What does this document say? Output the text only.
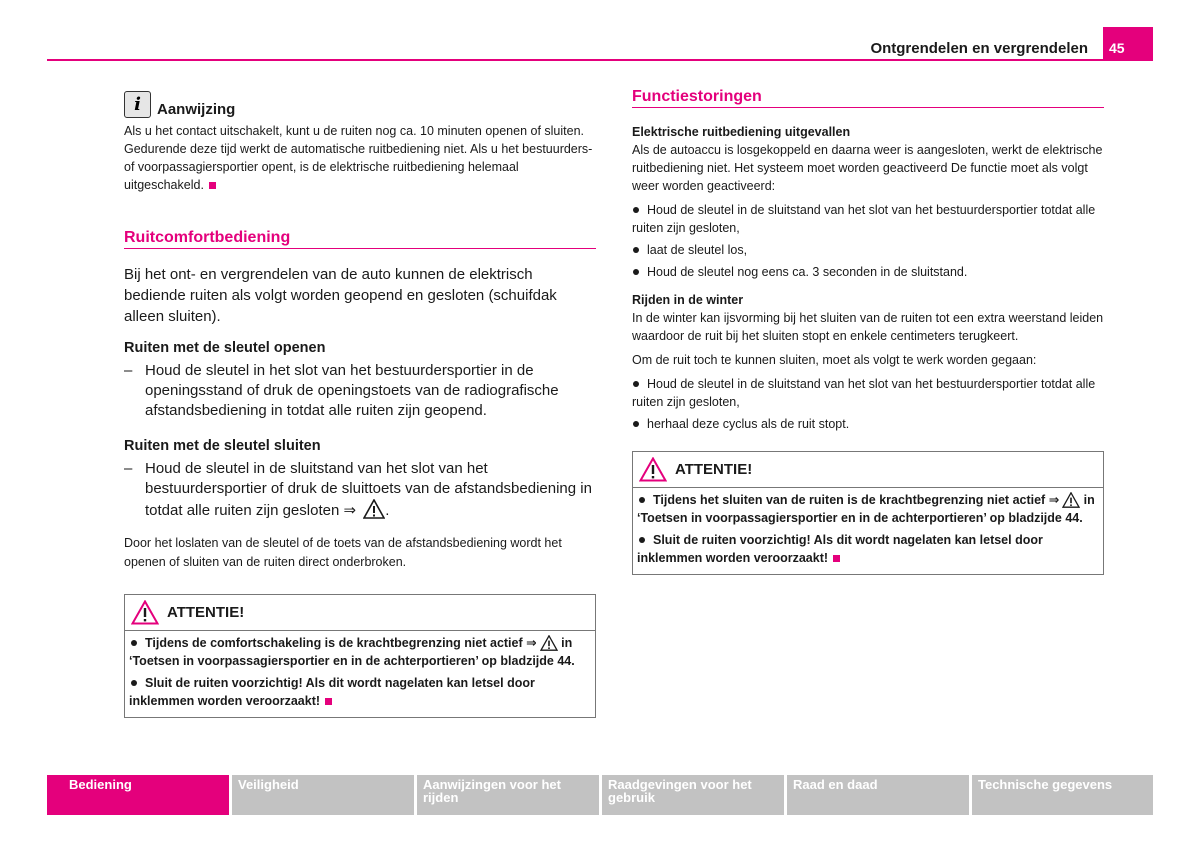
Ontgrendelen en vergrendelen	45
i	Aanwijzing

Als u het contact uitschakelt, kunt u de ruiten nog ca. 10 minuten openen of sluiten. Gedurende deze tijd werkt de automatische ruitbediening niet. Als u het bestuurders- of voorpassagiersportier opent, is de elektrische ruitbediening helemaal uitgeschakeld.

Ruitcomfortbediening

Bij het ont- en vergrendelen van de auto kunnen de elektrisch bediende ruiten als volgt worden geopend en gesloten (schuifdak alleen sluiten).

Ruiten met de sleutel openen
– Houd de sleutel in het slot van het bestuurdersportier in de openingsstand of druk de openingstoets van de radiografische afstandsbediening in totdat alle ruiten zijn geopend.
Ruiten met de sleutel sluiten
– Houd de sleutel in de sluitstand van het slot van het bestuurdersportier of druk de sluittoets van de afstandsbediening in totdat alle ruiten zijn gesloten ⇒ .

Door het loslaten van de sleutel of de toets van de afstandsbediening wordt het openen of sluiten van de ruiten direct onderbroken.

ATTENTIE!
Tijdens de comfortschakeling is de krachtbegrenzing niet actief ⇒ in ‘Toetsen in voorpassagiersportier en in de achterportieren’ op bladzijde 44.
Sluit de ruiten voorzichtig! Als dit wordt nagelaten kan letsel door inklemmen worden veroorzaakt!
Functiestoringen
Elektrische ruitbediening uitgevallen

Als de autoaccu is losgekoppeld en daarna weer is aangesloten, werkt de elektrische ruitbediening niet. Het systeem moet worden geactiveerd De functie moet als volgt weer worden geactiveerd:

Houd de sleutel in de sluitstand van het slot van het bestuurdersportier totdat alle ruiten zijn gesloten,
laat de sleutel los,
Houd de sleutel nog eens ca. 3 seconden in de sluitstand.
Rijden in de winter

In de winter kan ijsvorming bij het sluiten van de ruiten tot een extra weerstand leiden waardoor de ruit bij het sluiten stopt en enkele centimeters terugkeert.

Om de ruit toch te kunnen sluiten, moet als volgt te werk worden gegaan:

Houd de sleutel in de sluitstand van het slot van het bestuurdersportier totdat alle ruiten zijn gesloten,
herhaal deze cyclus als de ruit stopt.
ATTENTIE!
Tijdens het sluiten van de ruiten is de krachtbegrenzing niet actief ⇒ in ‘Toetsen in voorpassagiersportier en in de achterportieren’ op bladzijde 44.
Sluit de ruiten voorzichtig! Als dit wordt nagelaten kan letsel door inklemmen worden veroorzaakt!
Bediening	Veiligheid	Aanwijzingen voor het rijden
Raadgevingen voor het gebruik
Raad en daad	Technische gegevens
